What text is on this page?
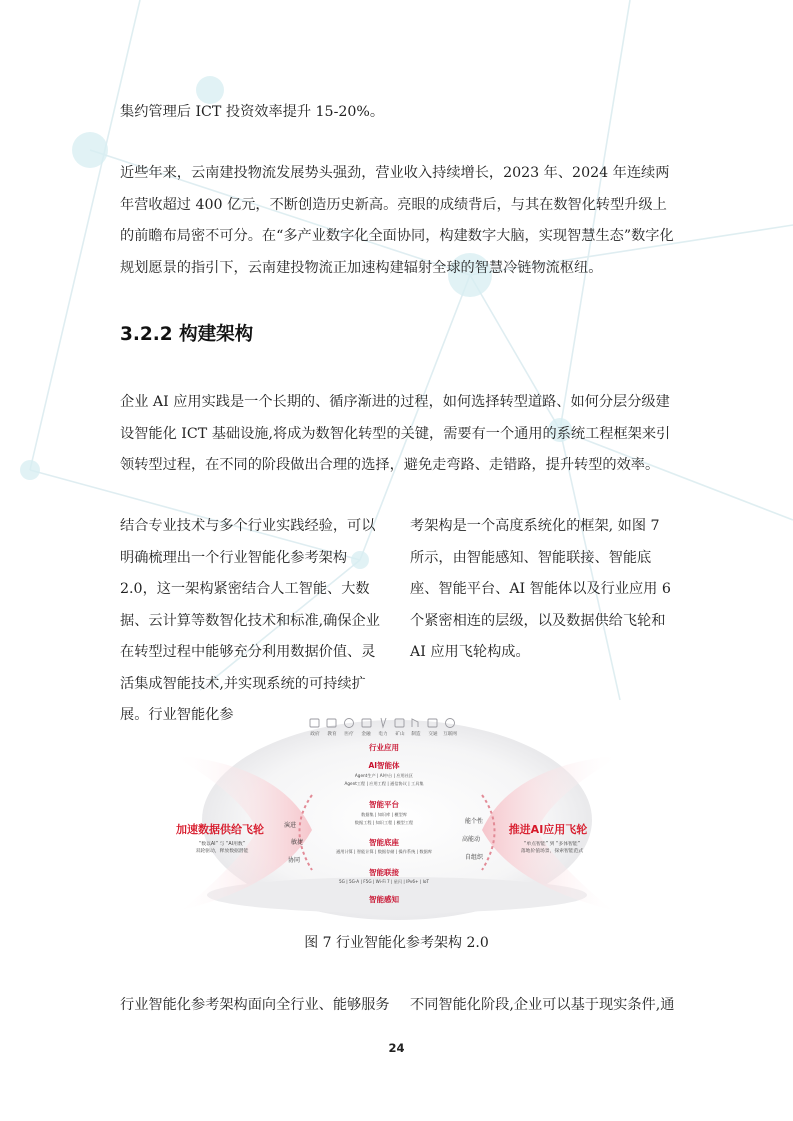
集约管理后 ICT 投资效率提升 15-20%。

近些年来，云南建投物流发展势头强劲，营业收入持续增长，2023 年、2024 年连续两年营收超过 400 亿元，不断创造历史新高。亮眼的成绩背后，与其在数智化转型升级上的前瞻布局密不可分。在“多产业数字化全面协同，构建数字大脑，实现智慧生态”数字化规划愿景的指引下，云南建投物流正加速构建辐射全球的智慧冷链物流枢纽。

3.2.2 构建架构

企业 AI 应用实践是一个长期的、循序渐进的过程，如何选择转型道路、如何分层分级建设智能化 ICT 基础设施,将成为数智化转型的关键，需要有一个通用的系统工程框架来引领转型过程，在不同的阶段做出合理的选择，避免走弯路、走错路，提升转型的效率。

结合专业技术与多个行业实践经验，可以明确梳理出一个行业智能化参考架构 2.0，这一架构紧密结合人工智能、大数据、云计算等数智化技术和标准,确保企业在转型过程中能够充分利用数据价值、灵活集成智能技术,并实现系统的可持续扩展。行业智能化参

考架构是一个高度系统化的框架, 如图 7 所示，由智能感知、智能联接、智能底座、智能平台、AI 智能体以及行业应用 6 个紧密相连的层级，以及数据供给飞轮和 AI 应用飞轮构成。

政府 教育 医疗 金融 电力 矿山 制造 交通 互联网
行业应用
AI智能体
Agent生产 | AI中台 | 应用社区
Agent工程 | 应用工程 | 通信协议 | 工具集
智能平台
数据集 | 知识库 | 模型库
数据工程 | 知识工程 | 模型工程
智能底座
通用计算 | 智能计算 | 数据存储 | 操作系统 | 数据库
智能联接
5G | 5G-A | F5G | Wi-Fi 7 | 星闪 | IPv6+ | IoT
智能感知
演进
敏捷
协同
能个性
高能动
自组织
加速数据供给飞轮
“数以AI” 与 “AI用数”
双轮驱动，释放数据潜能
推进AI应用飞轮
“单点智能” 到 “多体智能”
落地价值场景，探索智能范式
图 7 行业智能化参考架构 2.0

行业智能化参考架构面向全行业、能够服务	不同智能化阶段,企业可以基于现实条件,通

24
